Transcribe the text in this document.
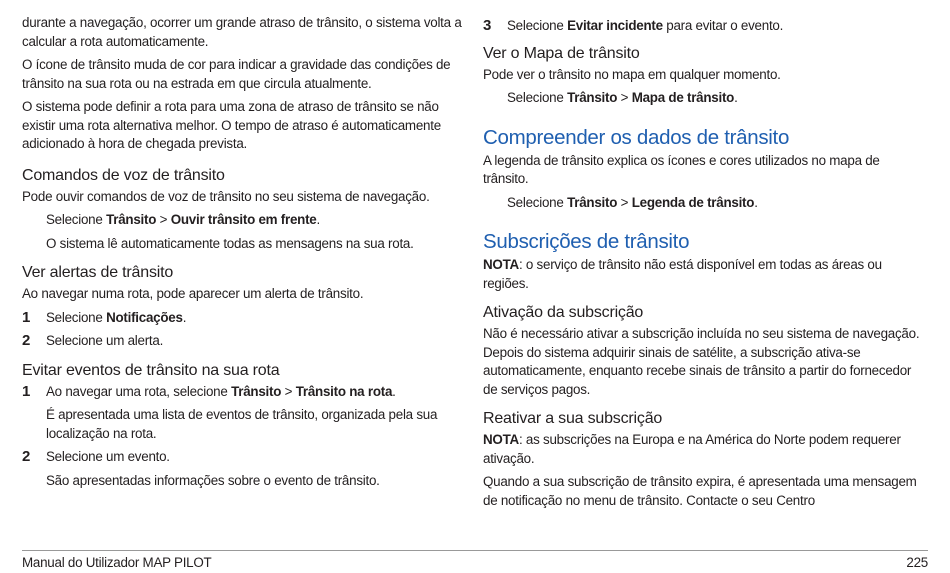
durante a navegação, ocorrer um grande atraso de trânsito, o sistema volta a calcular a rota automaticamente.

O ícone de trânsito muda de cor para indicar a gravidade das condições de trânsito na sua rota ou na estrada em que circula atualmente.

O sistema pode definir a rota para uma zona de atraso de trânsito se não existir uma rota alternativa melhor. O tempo de atraso é automaticamente adicionado à hora de chegada prevista.

Comandos de voz de trânsito

Pode ouvir comandos de voz de trânsito no seu sistema de navegação.

Selecione Trânsito > Ouvir trânsito em frente.

O sistema lê automaticamente todas as mensagens na sua rota.

Ver alertas de trânsito

Ao navegar numa rota, pode aparecer um alerta de trânsito.

1	Selecione Notificações.
2	Selecione um alerta.
Evitar eventos de trânsito na sua rota
1	Ao navegar uma rota, selecione Trânsito > Trânsito na rota.

É apresentada uma lista de eventos de trânsito, organizada pela sua localização na rota.

2	Selecione um evento.

São apresentadas informações sobre o evento de trânsito.

3	Selecione Evitar incidente para evitar o evento.
Ver o Mapa de trânsito

Pode ver o trânsito no mapa em qualquer momento.

Selecione Trânsito > Mapa de trânsito.

Compreender os dados de trânsito

A legenda de trânsito explica os ícones e cores utilizados no mapa de trânsito.

Selecione Trânsito > Legenda de trânsito.

Subscrições de trânsito

NOTA: o serviço de trânsito não está disponível em todas as áreas ou regiões.

Ativação da subscrição

Não é necessário ativar a subscrição incluída no seu sistema de navegação. Depois do sistema adquirir sinais de satélite, a subscrição ativa-se automaticamente, enquanto recebe sinais de trânsito a partir do fornecedor de serviços pagos.

Reativar a sua subscrição

NOTA: as subscrições na Europa e na América do Norte podem requerer ativação.

Quando a sua subscrição de trânsito expira, é apresentada uma mensagem de notificação no menu de trânsito. Contacte o seu Centro

Manual do Utilizador MAP PILOT	225
